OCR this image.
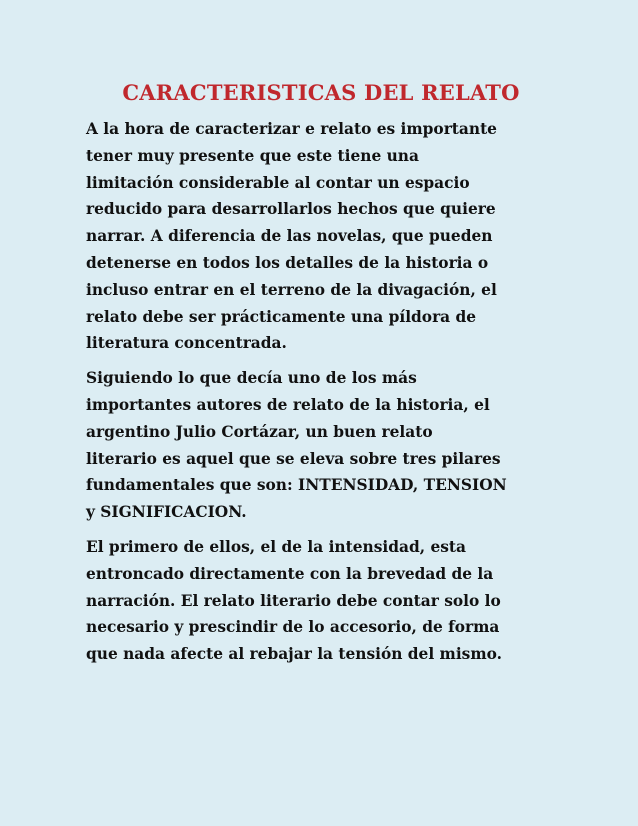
CARACTERISTICAS DEL RELATO

A la hora de caracterizar e relato es importante
tener muy presente que este tiene una
limitación considerable al contar un espacio
reducido para desarrollarlos hechos que quiere
narrar. A diferencia de las novelas, que pueden
detenerse en todos los detalles de la historia o
incluso entrar en el terreno de la divagación, el
relato debe ser prácticamente una píldora de
literatura concentrada.

Siguiendo lo que decía uno de los más
importantes autores de relato de la historia, el
argentino Julio Cortázar, un buen relato
literario es aquel que se eleva sobre tres pilares
fundamentales que son: INTENSIDAD, TENSION
y SIGNIFICACION.

El primero de ellos, el de la intensidad, esta
entroncado directamente con la brevedad de la
narración. El relato literario debe contar solo lo
necesario y prescindir de lo accesorio, de forma
que nada afecte al rebajar la tensión del mismo.
